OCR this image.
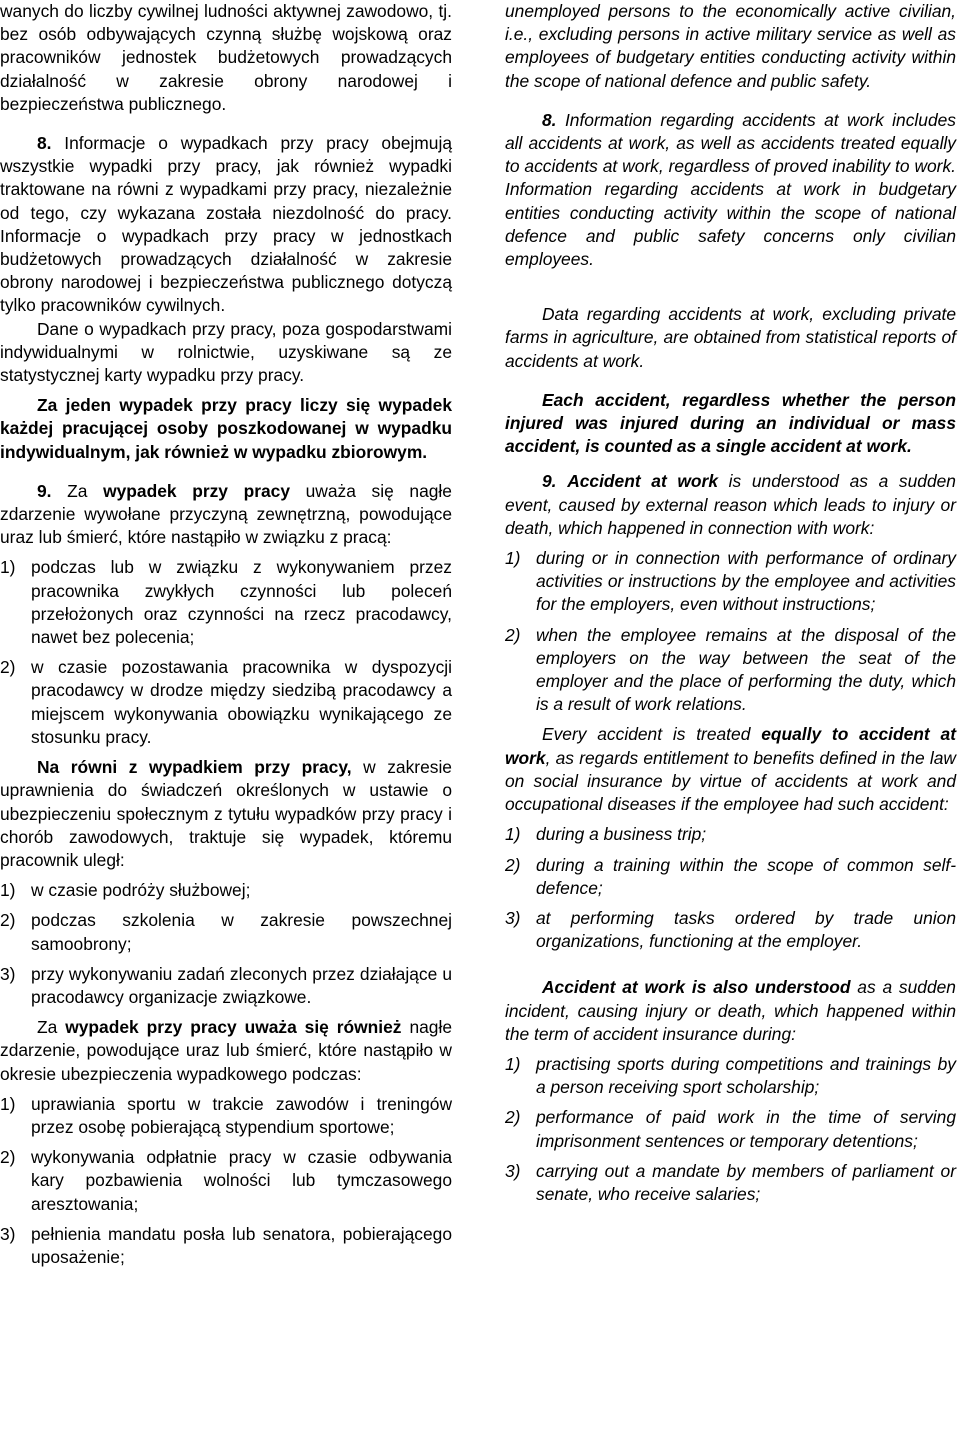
wanych do liczby cywilnej ludności aktywnej zawodowo, tj. bez osób odbywających czynną służbę wojskową oraz pracowników jednostek budżetowych prowadzących działalność w zakresie obrony narodowej i bezpieczeństwa publicznego.

8. Informacje o wypadkach przy pracy obejmują wszystkie wypadki przy pracy, jak również wypadki traktowane na równi z wypadkami przy pracy, niezależnie od tego, czy wykazana została niezdolność do pracy. Informacje o wypadkach przy pracy w jednostkach budżetowych prowadzących działalność w zakresie obrony narodowej i bezpieczeństwa publicznego dotyczą tylko pracowników cywilnych.

Dane o wypadkach przy pracy, poza gospodarstwami indywidualnymi w rolnictwie, uzyskiwane są ze statystycznej karty wypadku przy pracy.

Za jeden wypadek przy pracy liczy się wypadek każdej pracującej osoby poszkodowanej w wypadku indywidualnym, jak również w wypadku zbiorowym.

9. Za wypadek przy pracy uważa się nagłe zdarzenie wywołane przyczyną zewnętrzną, powodujące uraz lub śmierć, które nastąpiło w związku z pracą:

1) podczas lub w związku z wykonywaniem przez pracownika zwykłych czynności lub poleceń przełożonych oraz czynności na rzecz pracodawcy, nawet bez polecenia;
2) w czasie pozostawania pracownika w dyspozycji pracodawcy w drodze między siedzibą pracodawcy a miejscem wykonywania obowiązku wynikającego ze stosunku pracy.

Na równi z wypadkiem przy pracy, w zakresie uprawnienia do świadczeń określonych w ustawie o ubezpieczeniu społecznym z tytułu wypadków przy pracy i chorób zawodowych, traktuje się wypadek, któremu pracownik uległ:

1) w czasie podróży służbowej;
2) podczas szkolenia w zakresie powszechnej samoobrony;
3) przy wykonywaniu zadań zleconych przez działające u pracodawcy organizacje związkowe.

Za wypadek przy pracy uważa się również nagłe zdarzenie, powodujące uraz lub śmierć, które nastąpiło w okresie ubezpieczenia wypadkowego podczas:

1) uprawiania sportu w trakcie zawodów i treningów przez osobę pobierającą stypendium sportowe;
2) wykonywania odpłatnie pracy w czasie odbywania kary pozbawienia wolności lub tymczasowego aresztowania;
3) pełnienia mandatu posła lub senatora, pobierającego uposażenie;

unemployed persons to the economically active civilian, i.e., excluding persons in active military service as well as employees of budgetary entities conducting activity within the scope of national defence and public safety.

8. Information regarding accidents at work includes all accidents at work, as well as accidents treated equally to accidents at work, regardless of proved inability to work. Information regarding accidents at work in budgetary entities conducting activity within the scope of national defence and public safety concerns only civilian employees.

Data regarding accidents at work, excluding private farms in agriculture, are obtained from statistical reports of accidents at work.

Each accident, regardless whether the person injured was injured during an individual or mass accident, is counted as a single accident at work.

9. Accident at work is understood as a sudden event, caused by external reason which leads to injury or death, which happened in connection with work:

1) during or in connection with performance of ordinary activities or instructions by the employee and activities for the employers, even without instructions;
2) when the employee remains at the disposal of the employers on the way between the seat of the employer and the place of performing the duty, which is a result of work relations.

Every accident is treated equally to accident at work, as regards entitlement to benefits defined in the law on social insurance by virtue of accidents at work and occupational diseases if the employee had such accident:

1) during a business trip;
2) during a training within the scope of common self-defence;
3) at performing tasks ordered by trade union organizations, functioning at the employer.

Accident at work is also understood as a sudden incident, causing injury or death, which happened within the term of accident insurance during:

1) practising sports during competitions and trainings by a person receiving sport scholarship;
2) performance of paid work in the time of serving imprisonment sentences or temporary detentions;
3) carrying out a mandate by members of parliament or senate, who receive salaries;
